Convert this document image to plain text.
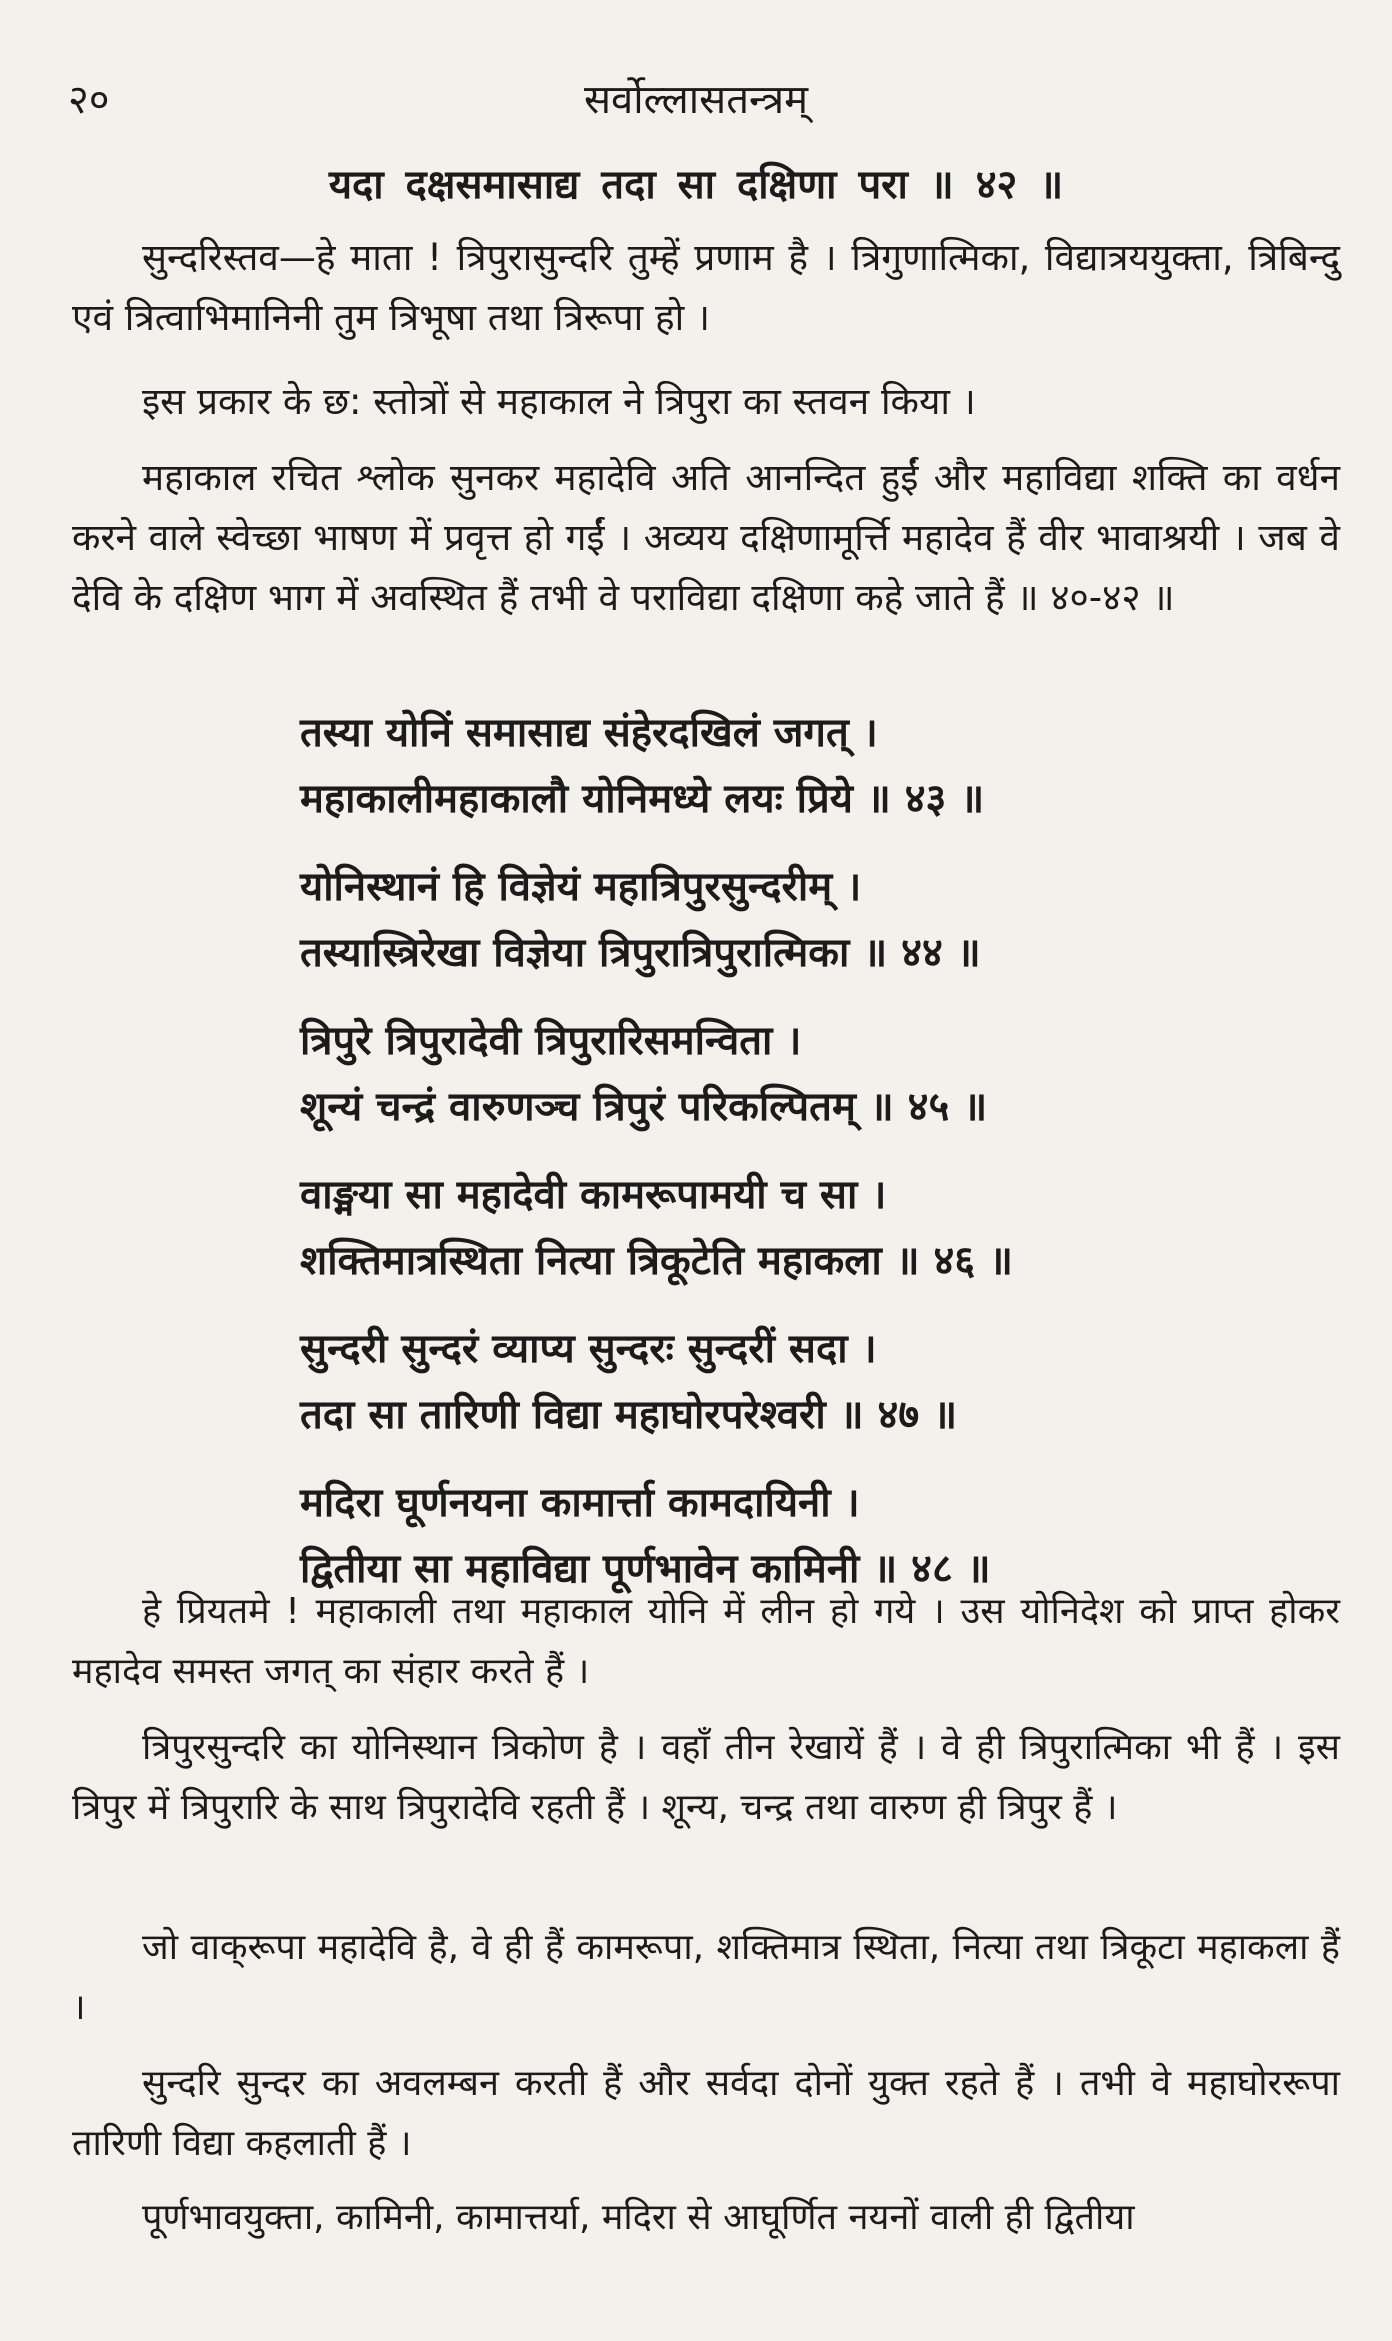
२०	सर्वोल्लासतन्त्रम्
यदा दक्षसमासाद्य तदा सा दक्षिणा परा ॥ ४२ ॥

सुन्दरिस्तव—हे माता ! त्रिपुरासुन्दरि तुम्हें प्रणाम है । त्रिगुणात्मिका, विद्यात्रययुक्ता, त्रिबिन्दु एवं त्रित्वाभिमानिनी तुम त्रिभूषा तथा त्रिरूपा हो ।

इस प्रकार के छ: स्तोत्रों से महाकाल ने त्रिपुरा का स्तवन किया ।

महाकाल रचित श्लोक सुनकर महादेवि अति आनन्दित हुईं और महाविद्या शक्ति का वर्धन करने वाले स्वेच्छा भाषण में प्रवृत्त हो गईं । अव्यय दक्षिणामूर्त्ति महादेव हैं वीर भावाश्रयी । जब वे देवि के दक्षिण भाग में अवस्थित हैं तभी वे पराविद्या दक्षिणा कहे जाते हैं ॥ ४०-४२ ॥

तस्या योनिं समासाद्य संहेरदखिलं जगत् ।
महाकालीमहाकालौ योनिमध्ये लयः प्रिये ॥ ४३ ॥
योनिस्थानं हि विज्ञेयं महात्रिपुरसुन्दरीम् ।
तस्यास्त्रिरेखा विज्ञेया त्रिपुरात्रिपुरात्मिका ॥ ४४ ॥
त्रिपुरे त्रिपुरादेवी त्रिपुरारिसमन्विता ।
शून्यं चन्द्रं वारुणञ्च त्रिपुरं परिकल्पितम् ॥ ४५ ॥
वाङ्मया सा महादेवी कामरूपामयी च सा ।
शक्तिमात्रस्थिता नित्या त्रिकूटेति महाकला ॥ ४६ ॥
सुन्दरी सुन्दरं व्याप्य सुन्दरः सुन्दरीं सदा ।
तदा सा तारिणी विद्या महाघोरपरेश्वरी ॥ ४७ ॥
मदिरा घूर्णनयना कामार्त्ता कामदायिनी ।
द्वितीया सा महाविद्या पूर्णभावेन कामिनी ॥ ४८ ॥

हे प्रियतमे ! महाकाली तथा महाकाल योनि में लीन हो गये । उस योनिदेश को प्राप्त होकर महादेव समस्त जगत् का संहार करते हैं ।

त्रिपुरसुन्दरि का योनिस्थान त्रिकोण है । वहाँ तीन रेखायें हैं । वे ही त्रिपुरात्मिका भी हैं । इस त्रिपुर में त्रिपुरारि के साथ त्रिपुरादेवि रहती हैं । शून्य, चन्द्र तथा वारुण ही त्रिपुर हैं ।

जो वाक्‌रूपा महादेवि है, वे ही हैं कामरूपा, शक्तिमात्र स्थिता, नित्या तथा त्रिकूटा महाकला हैं ।

सुन्दरि सुन्दर का अवलम्बन करती हैं और सर्वदा दोनों युक्त रहते हैं । तभी वे महाघोररूपा तारिणी विद्या कहलाती हैं ।

पूर्णभावयुक्ता, कामिनी, कामात्तर्या, मदिरा से आघूर्णित नयनों वाली ही द्वितीया
